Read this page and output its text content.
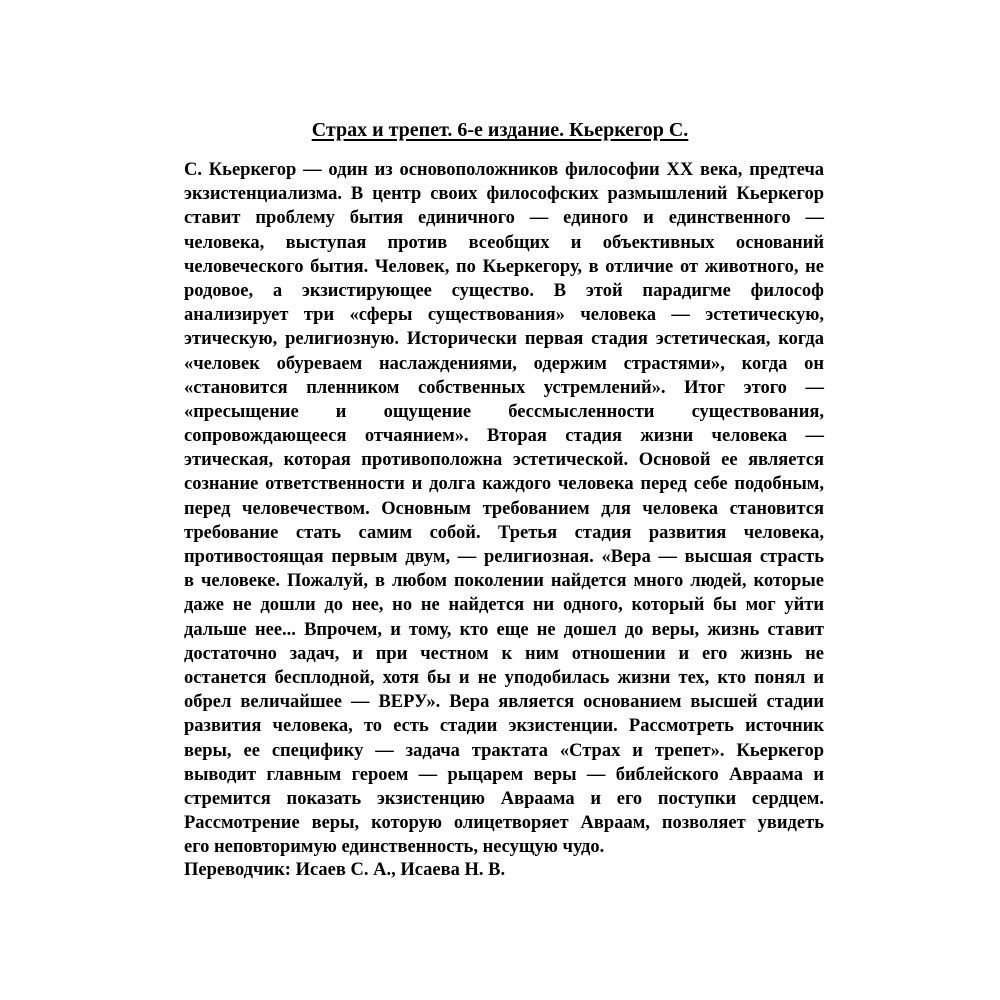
Страх и трепет. 6-е издание. Кьеркегор С.
С. Кьеркегор — один из основоположников философии XX века, предтеча
экзистенциализма. В центр своих философских размышлений Кьеркегор
ставит проблему бытия единичного — единого и единственного —
человека, выступая против всеобщих и объективных оснований
человеческого бытия. Человек, по Кьеркегору, в отличие от животного, не
родовое, а экзистирующее существо. В этой парадигме философ
анализирует три «сферы существования» человека — эстетическую,
этическую, религиозную. Исторически первая стадия эстетическая, когда
«человек обуреваем наслаждениями, одержим страстями», когда он
«становится пленником собственных устремлений». Итог этого —
«пресыщение и ощущение бессмысленности существования,
сопровождающееся отчаянием». Вторая стадия жизни человека —
этическая, которая противоположна эстетической. Основой ее является
сознание ответственности и долга каждого человека перед себе подобным,
перед человечеством. Основным требованием для человека становится
требование стать самим собой. Третья стадия развития человека,
противостоящая первым двум, — религиозная. «Вера — высшая страсть
в человеке. Пожалуй, в любом поколении найдется много людей, которые
даже не дошли до нее, но не найдется ни одного, который бы мог уйти
дальше нее... Впрочем, и тому, кто еще не дошел до веры, жизнь ставит
достаточно задач, и при честном к ним отношении и его жизнь не
останется бесплодной, хотя бы и не уподобилась жизни тех, кто понял и
обрел величайшее — ВЕРУ». Вера является основанием высшей стадии
развития человека, то есть стадии экзистенции. Рассмотреть источник
веры, ее специфику — задача трактата «Страх и трепет». Кьеркегор
выводит главным героем — рыцарем веры — библейского Авраама и
стремится показать экзистенцию Авраама и его поступки сердцем.
Рассмотрение веры, которую олицетворяет Авраам, позволяет увидеть
его неповторимую единственность, несущую чудо.
Переводчик: Исаев С. А., Исаева Н. В.
